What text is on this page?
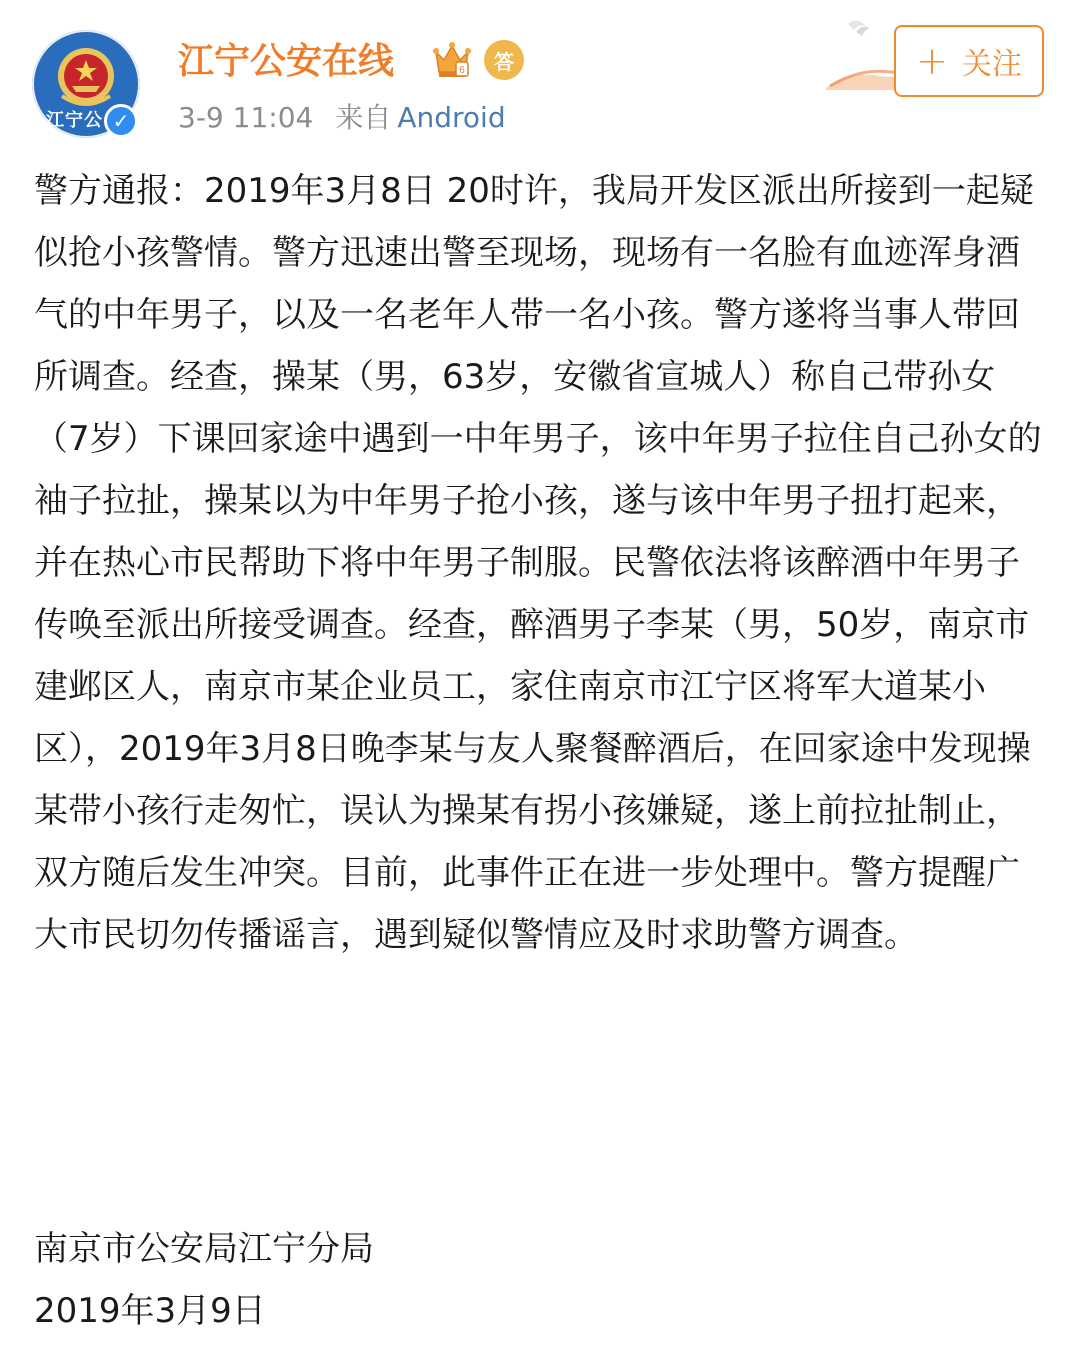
江宁公 ✓
江宁公安在线	6 答
3-9 11:04 来自 Android
+ 关注
警方通报：2019年3月8日 20时许，我局开发区派出所接到一起疑似抢小孩警情。警方迅速出警至现场，现场有一名脸有血迹浑身酒气的中年男子，以及一名老年人带一名小孩。警方遂将当事人带回所调查。经查，操某（男，63岁，安徽省宣城人）称自己带孙女（7岁）下课回家途中遇到一中年男子，该中年男子拉住自己孙女的袖子拉扯，操某以为中年男子抢小孩，遂与该中年男子扭打起来，并在热心市民帮助下将中年男子制服。民警依法将该醉酒中年男子传唤至派出所接受调查。经查，醉酒男子李某（男，50岁，南京市建邺区人，南京市某企业员工，家住南京市江宁区将军大道某小区），2019年3月8日晚李某与友人聚餐醉酒后，在回家途中发现操某带小孩行走匆忙，误认为操某有拐小孩嫌疑，遂上前拉扯制止，双方随后发生冲突。目前，此事件正在进一步处理中。警方提醒广大市民切勿传播谣言，遇到疑似警情应及时求助警方调查。
南京市公安局江宁分局
2019年3月9日
